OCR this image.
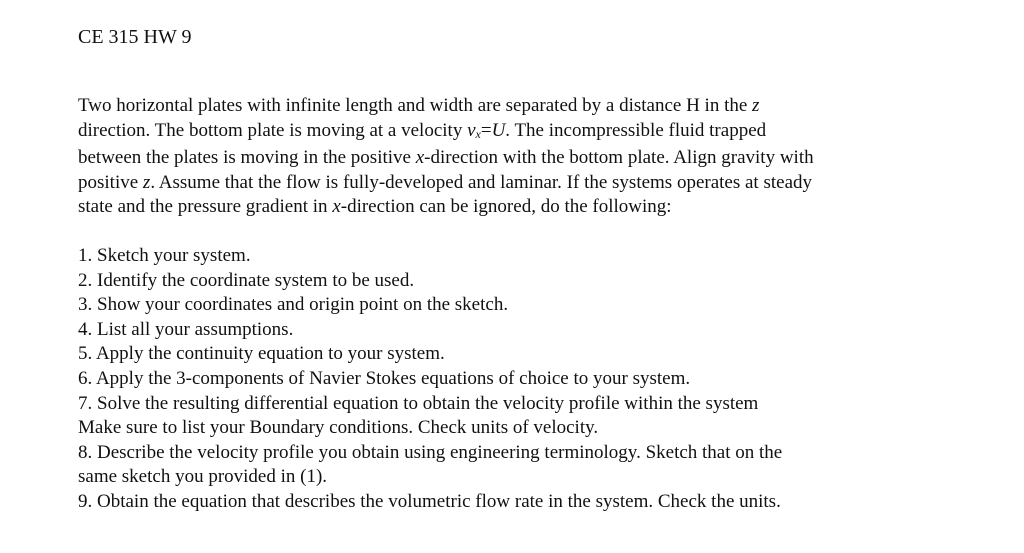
CE 315 HW 9
Two horizontal plates with infinite length and width are separated by a distance H in the z
direction. The bottom plate is moving at a velocity vx=U. The incompressible fluid trapped
between the plates is moving in the positive x-direction with the bottom plate. Align gravity with
positive z. Assume that the flow is fully-developed and laminar. If the systems operates at steady
state and the pressure gradient in x-direction can be ignored, do the following:
1. Sketch your system.
2. Identify the coordinate system to be used.
3. Show your coordinates and origin point on the sketch.
4. List all your assumptions.
5. Apply the continuity equation to your system.
6. Apply the 3-components of Navier Stokes equations of choice to your system.
7. Solve the resulting differential equation to obtain the velocity profile within the system
Make sure to list your Boundary conditions. Check units of velocity.
8. Describe the velocity profile you obtain using engineering terminology. Sketch that on the
same sketch you provided in (1).
9. Obtain the equation that describes the volumetric flow rate in the system. Check the units.
